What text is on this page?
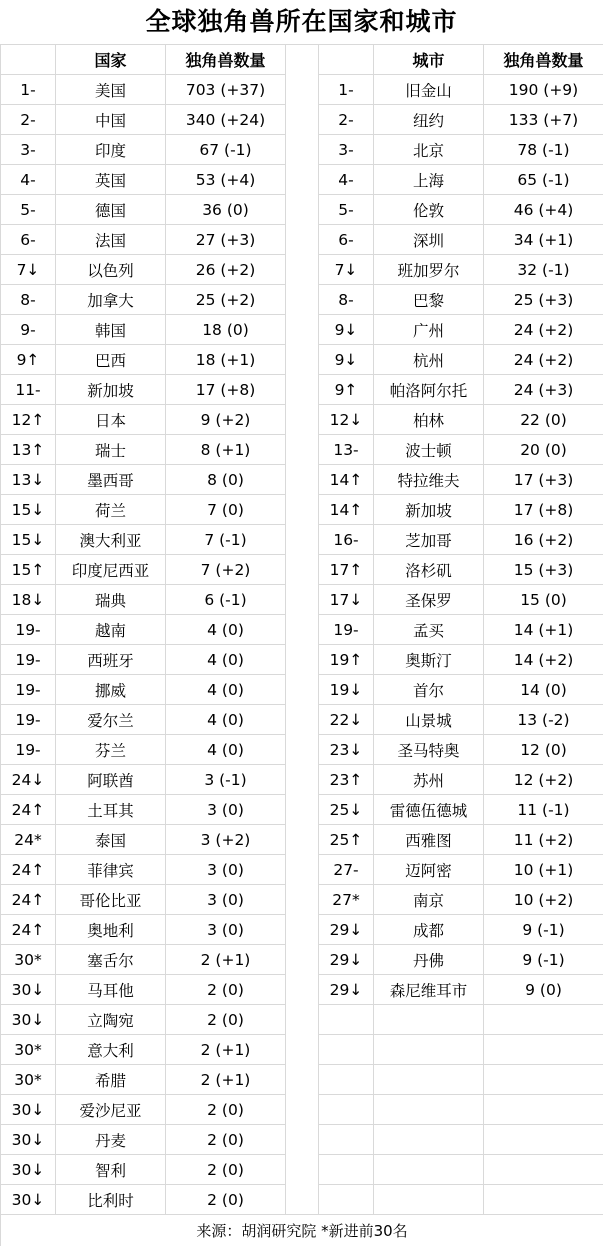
全球独角兽所在国家和城市
	国家	独角兽数量			城市	独角兽数量
1-	美国	703 (+37)		1-	旧金山	190 (+9)
2-	中国	340 (+24)		2-	纽约	133 (+7)
3-	印度	67 (-1)		3-	北京	78 (-1)
4-	英国	53 (+4)		4-	上海	65 (-1)
5-	德国	36 (0)		5-	伦敦	46 (+4)
6-	法国	27 (+3)		6-	深圳	34 (+1)
7↓	以色列	26 (+2)		7↓	班加罗尔	32 (-1)
8-	加拿大	25 (+2)		8-	巴黎	25 (+3)
9-	韩国	18 (0)		9↓	广州	24 (+2)
9↑	巴西	18 (+1)		9↓	杭州	24 (+2)
11-	新加坡	17 (+8)		9↑	帕洛阿尔托	24 (+3)
12↑	日本	9 (+2)		12↓	柏林	22 (0)
13↑	瑞士	8 (+1)		13-	波士顿	20 (0)
13↓	墨西哥	8 (0)		14↑	特拉维夫	17 (+3)
15↓	荷兰	7 (0)		14↑	新加坡	17 (+8)
15↓	澳大利亚	7 (-1)		16-	芝加哥	16 (+2)
15↑	印度尼西亚	7 (+2)		17↑	洛杉矶	15 (+3)
18↓	瑞典	6 (-1)		17↓	圣保罗	15 (0)
19-	越南	4 (0)		19-	孟买	14 (+1)
19-	西班牙	4 (0)		19↑	奥斯汀	14 (+2)
19-	挪威	4 (0)		19↓	首尔	14 (0)
19-	爱尔兰	4 (0)		22↓	山景城	13 (-2)
19-	芬兰	4 (0)		23↓	圣马特奥	12 (0)
24↓	阿联酋	3 (-1)		23↑	苏州	12 (+2)
24↑	土耳其	3 (0)		25↓	雷德伍德城	11 (-1)
24*	泰国	3 (+2)		25↑	西雅图	11 (+2)
24↑	菲律宾	3 (0)		27-	迈阿密	10 (+1)
24↑	哥伦比亚	3 (0)		27*	南京	10 (+2)
24↑	奥地利	3 (0)		29↓	成都	9 (-1)
30*	塞舌尔	2 (+1)		29↓	丹佛	9 (-1)
30↓	马耳他	2 (0)		29↓	森尼维耳市	9 (0)
30↓	立陶宛	2 (0)				
30*	意大利	2 (+1)				
30*	希腊	2 (+1)				
30↓	爱沙尼亚	2 (0)				
30↓	丹麦	2 (0)				
30↓	智利	2 (0)				
30↓	比利时	2 (0)				
来源：胡润研究院 *新进前30名						
